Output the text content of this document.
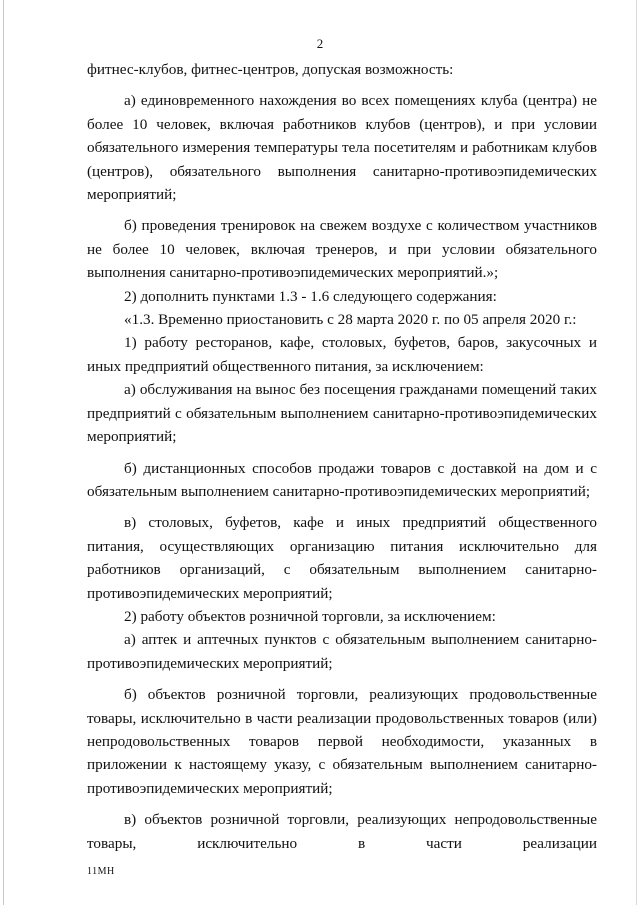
2

фитнес-клубов, фитнес-центров, допуская возможность:

а) единовременного нахождения во всех помещениях клуба (центра) не более 10 человек, включая работников клубов (центров), и при условии обязательного измерения температуры тела посетителям и работникам клубов (центров), обязательного выполнения санитарно-противоэпидемических мероприятий;

б) проведения тренировок на свежем воздухе с количеством участников не более 10 человек, включая тренеров, и при условии обязательного выполнения санитарно-противоэпидемических мероприятий.»;

2) дополнить пунктами 1.3 - 1.6 следующего содержания:

«1.3. Временно приостановить с 28 марта 2020 г. по 05 апреля 2020 г.:

1) работу ресторанов, кафе, столовых, буфетов, баров, закусочных и иных предприятий общественного питания, за исключением:

а) обслуживания на вынос без посещения гражданами помещений таких предприятий с обязательным выполнением санитарно-противоэпидемических мероприятий;

б) дистанционных способов продажи товаров с доставкой на дом и с обязательным выполнением санитарно-противоэпидемических мероприятий;

в) столовых, буфетов, кафе и иных предприятий общественного питания, осуществляющих организацию питания исключительно для работников организаций, с обязательным выполнением санитарно-противоэпидемических мероприятий;

2) работу объектов розничной торговли, за исключением:

а) аптек и аптечных пунктов с обязательным выполнением санитарно-противоэпидемических мероприятий;

б) объектов розничной торговли, реализующих продовольственные товары, исключительно в части реализации продовольственных товаров (или) непродовольственных товаров первой необходимости, указанных в приложении к настоящему указу, с обязательным выполнением санитарно-противоэпидемических мероприятий;

в) объектов розничной торговли, реализующих непродовольственные товары, исключительно в части реализации

11МН
